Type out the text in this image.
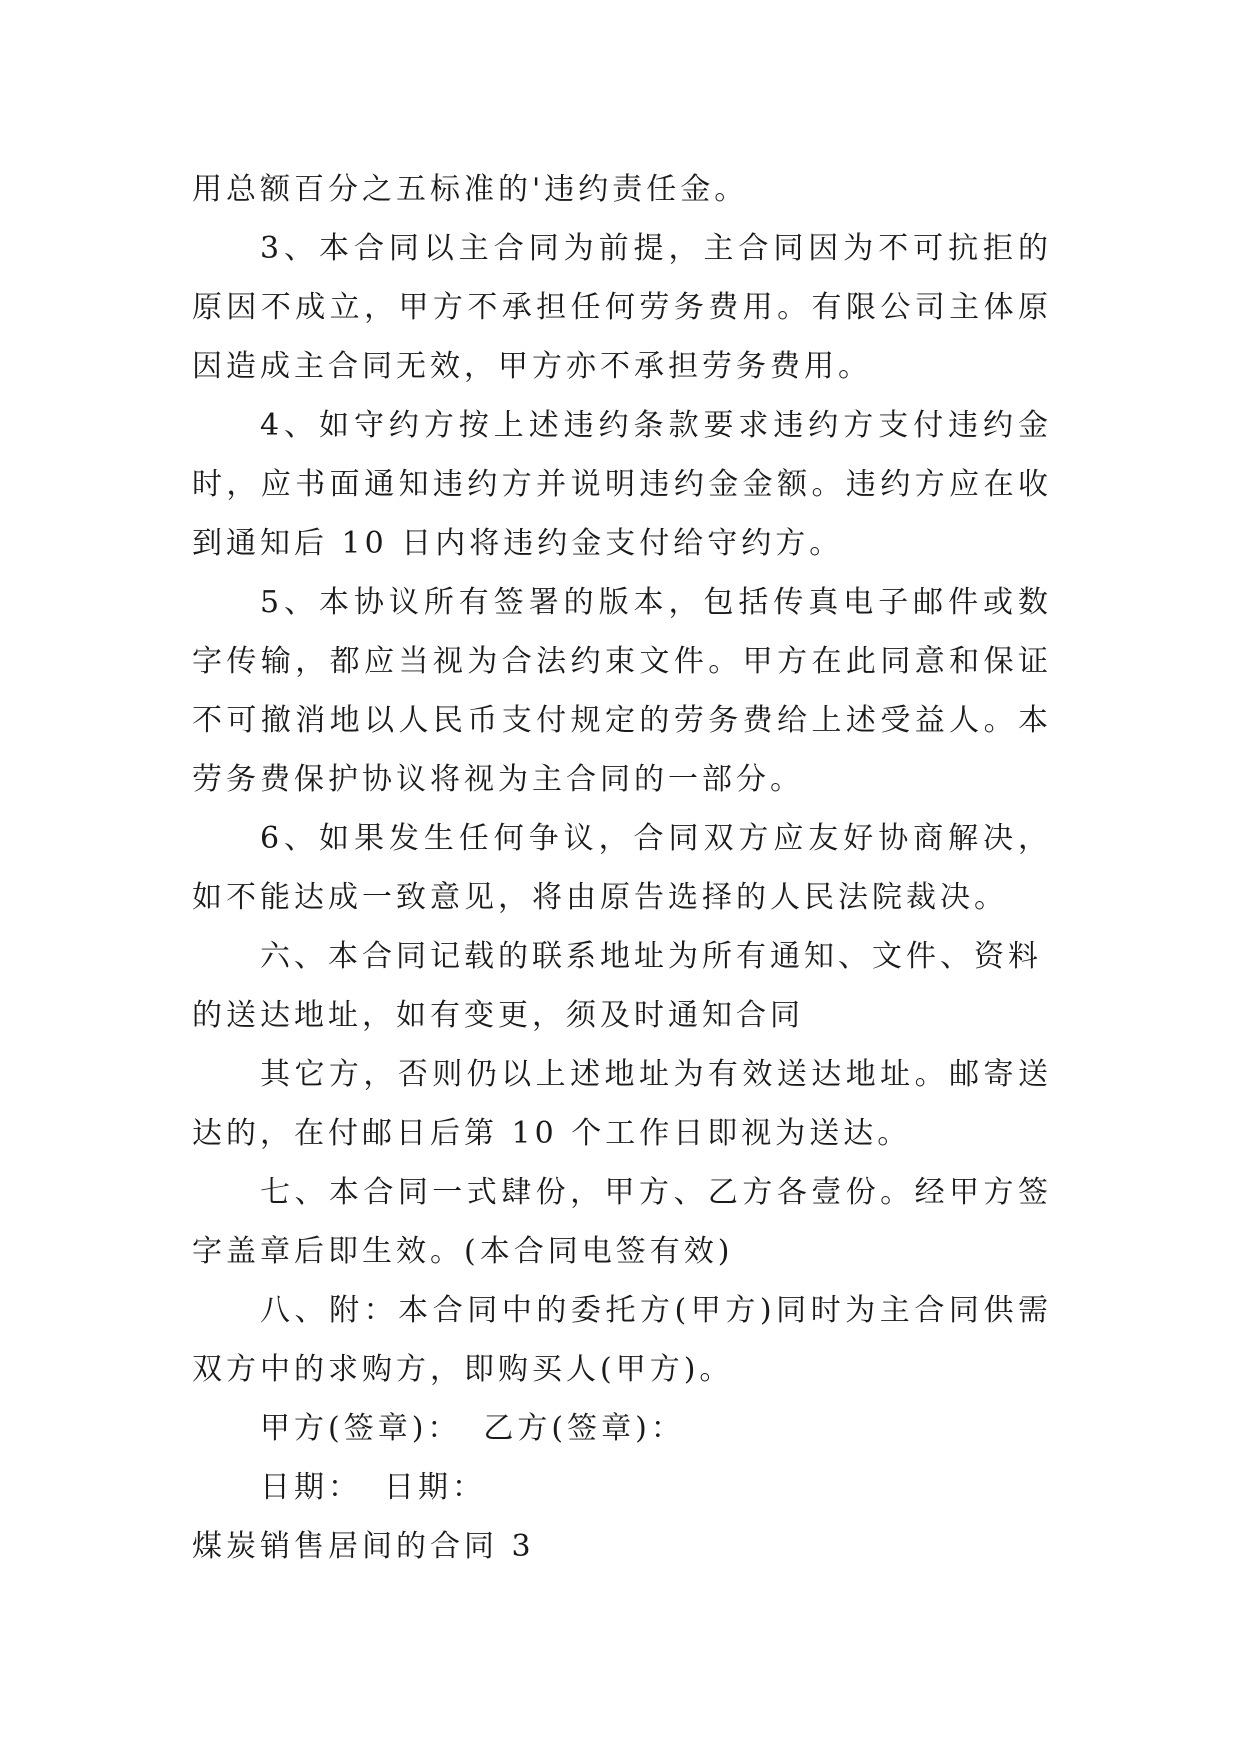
用总额百分之五标准的'违约责任金。

3、本合同以主合同为前提，主合同因为不可抗拒的原因不成立，甲方不承担任何劳务费用。有限公司主体原因造成主合同无效，甲方亦不承担劳务费用。

4、如守约方按上述违约条款要求违约方支付违约金时，应书面通知违约方并说明违约金金额。违约方应在收到通知后 10 日内将违约金支付给守约方。

5、本协议所有签署的版本，包括传真电子邮件或数字传输，都应当视为合法约束文件。甲方在此同意和保证不可撤消地以人民币支付规定的劳务费给上述受益人。本劳务费保护协议将视为主合同的一部分。

6、如果发生任何争议，合同双方应友好协商解决，如不能达成一致意见，将由原告选择的人民法院裁决。

六、本合同记载的联系地址为所有通知、文件、资料的送达地址，如有变更，须及时通知合同

其它方，否则仍以上述地址为有效送达地址。邮寄送达的，在付邮日后第 10 个工作日即视为送达。

七、本合同一式肆份，甲方、乙方各壹份。经甲方签字盖章后即生效。(本合同电签有效)

八、附：本合同中的委托方(甲方)同时为主合同供需双方中的求购方，即购买人(甲方)。

甲方(签章)： 乙方(签章)：

日期： 日期：

煤炭销售居间的合同 3
